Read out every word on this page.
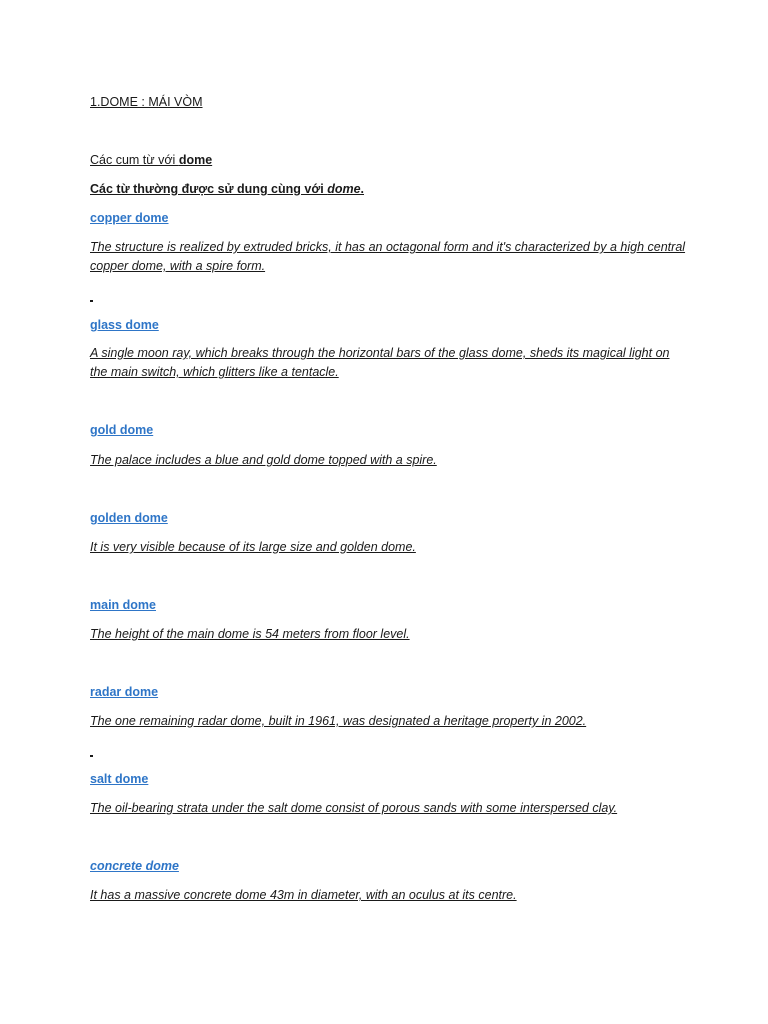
1.DOME : MÁI VÒM
Các cum từ với dome
Các từ thường được sử dung cùng với dome.
copper dome
The structure is realized by extruded bricks, it has an octagonal form and it's characterized by a high central copper dome, with a spire form.
glass dome
A single moon ray, which breaks through the horizontal bars of the glass dome, sheds its magical light on the main switch, which glitters like a tentacle.
gold dome
The palace includes a blue and gold dome topped with a spire.
golden dome
It is very visible because of its large size and golden dome.
main dome
The height of the main dome is 54 meters from floor level.
radar dome
The one remaining radar dome, built in 1961, was designated a heritage property in 2002.
salt dome
The oil-bearing strata under the salt dome consist of porous sands with some interspersed clay.
concrete dome
It has a massive concrete dome 43m in diameter, with an oculus at its centre.
